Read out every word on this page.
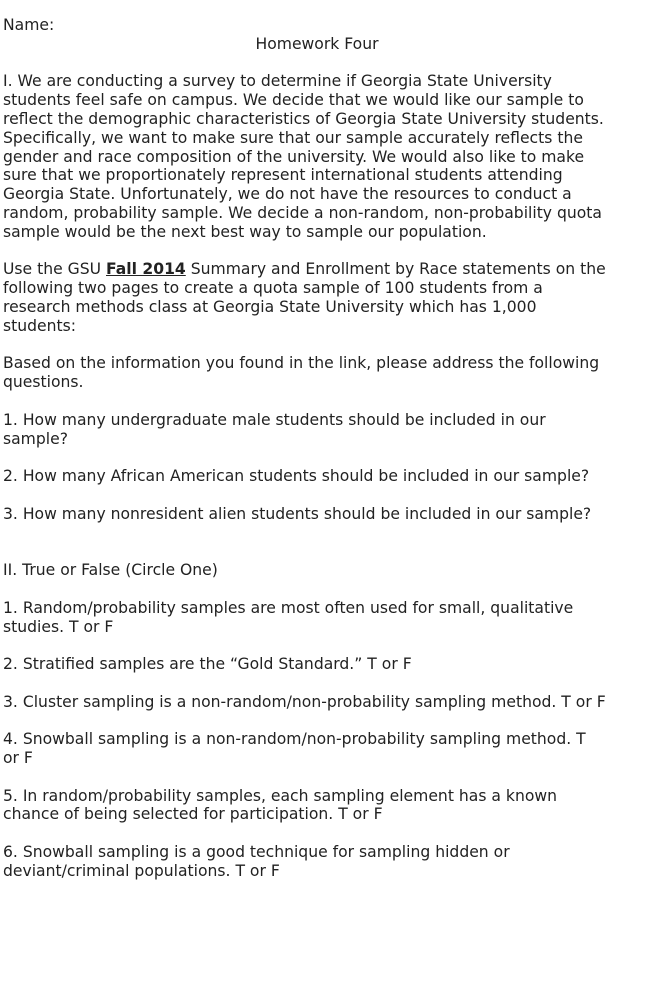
Name:

Homework Four

I. We are conducting a survey to determine if Georgia State University
students feel safe on campus. We decide that we would like our sample to
reflect the demographic characteristics of Georgia State University students.
Specifically, we want to make sure that our sample accurately reflects the
gender and race composition of the university. We would also like to make
sure that we proportionately represent international students attending
Georgia State. Unfortunately, we do not have the resources to conduct a
random, probability sample. We decide a non-random, non-probability quota
sample would be the next best way to sample our population.

Use the GSU Fall 2014 Summary and Enrollment by Race statements on the
following two pages to create a quota sample of 100 students from a
research methods class at Georgia State University which has 1,000
students:

Based on the information you found in the link, please address the following
questions.

1. How many undergraduate male students should be included in our
sample?

2. How many African American students should be included in our sample?

3. How many nonresident alien students should be included in our sample?

II. True or False (Circle One)

1. Random/probability samples are most often used for small, qualitative
studies. T or F

2. Stratified samples are the “Gold Standard.” T or F

3. Cluster sampling is a non-random/non-probability sampling method. T or F

4. Snowball sampling is a non-random/non-probability sampling method. T
or F

5. In random/probability samples, each sampling element has a known
chance of being selected for participation. T or F

6. Snowball sampling is a good technique for sampling hidden or
deviant/criminal populations. T or F
